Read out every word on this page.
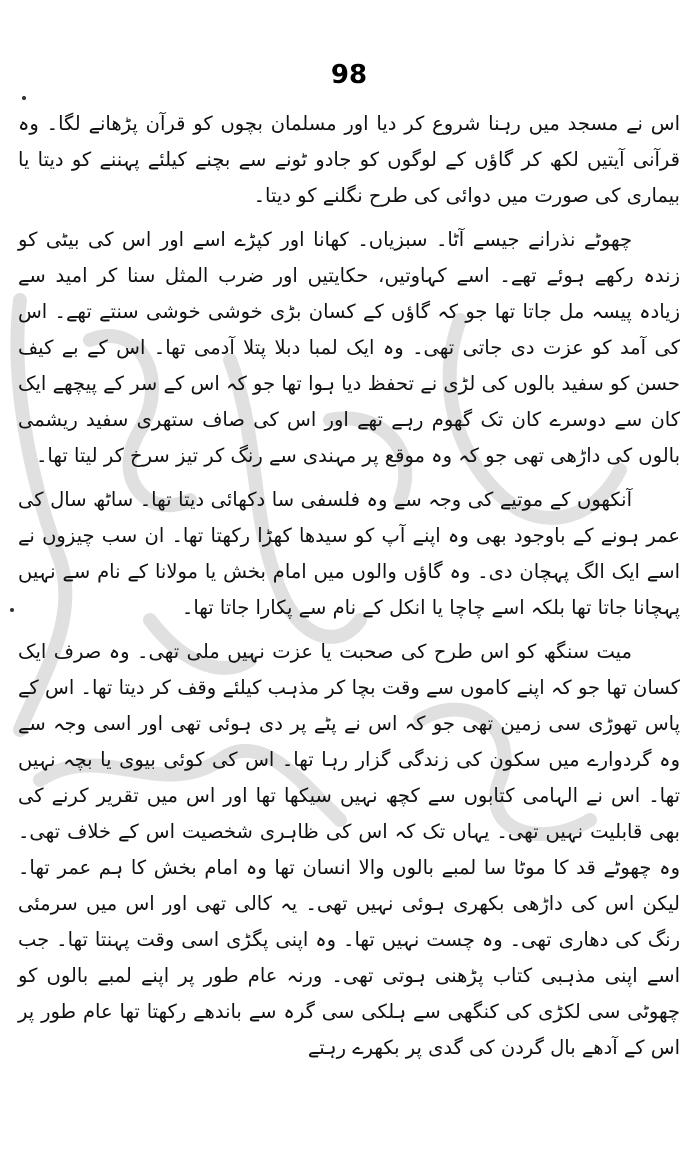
98

اس نے مسجد میں رہنا شروع کر دیا اور مسلمان بچوں کو قرآن پڑھانے لگا۔ وہ قرآنی آیتیں لکھ کر گاؤں کے لوگوں کو جادو ٹونے سے بچنے کیلئے پہننے کو دیتا یا بیماری کی صورت میں دوائی کی طرح نگلنے کو دیتا۔

چھوٹے نذرانے جیسے آٹا۔ سبزیاں۔ کھانا اور کپڑے اسے اور اس کی بیٹی کو زندہ رکھے ہوئے تھے۔ اسے کہاوتیں، حکایتیں اور ضرب المثل سنا کر امید سے زیادہ پیسہ مل جاتا تھا جو کہ گاؤں کے کسان بڑی خوشی خوشی سنتے تھے۔ اس کی آمد کو عزت دی جاتی تھی۔ وہ ایک لمبا دبلا پتلا آدمی تھا۔ اس کے بے کیف حسن کو سفید بالوں کی لڑی نے تحفظ دیا ہوا تھا جو کہ اس کے سر کے پیچھے ایک کان سے دوسرے کان تک گھوم رہے تھے اور اس کی صاف ستھری سفید ریشمی بالوں کی داڑھی تھی جو کہ وہ موقع پر مہندی سے رنگ کر تیز سرخ کر لیتا تھا۔

آنکھوں کے موتیے کی وجہ سے وہ فلسفی سا دکھائی دیتا تھا۔ ساٹھ سال کی عمر ہونے کے باوجود بھی وہ اپنے آپ کو سیدھا کھڑا رکھتا تھا۔ ان سب چیزوں نے اسے ایک الگ پہچان دی۔ وہ گاؤں والوں میں امام بخش یا مولانا کے نام سے نہیں پہچانا جاتا تھا بلکہ اسے چاچا یا انکل کے نام سے پکارا جاتا تھا۔

میت سنگھ کو اس طرح کی صحبت یا عزت نہیں ملی تھی۔ وہ صرف ایک کسان تھا جو کہ اپنے کاموں سے وقت بچا کر مذہب کیلئے وقف کر دیتا تھا۔ اس کے پاس تھوڑی سی زمین تھی جو کہ اس نے پٹے پر دی ہوئی تھی اور اسی وجہ سے وہ گردوارے میں سکون کی زندگی گزار رہا تھا۔ اس کی کوئی بیوی یا بچہ نہیں تھا۔ اس نے الہامی کتابوں سے کچھ نہیں سیکھا تھا اور اس میں تقریر کرنے کی بھی قابلیت نہیں تھی۔ یہاں تک کہ اس کی ظاہری شخصیت اس کے خلاف تھی۔ وہ چھوٹے قد کا موٹا سا لمبے بالوں والا انسان تھا وہ امام بخش کا ہم عمر تھا۔ لیکن اس کی داڑھی بکھری ہوئی نہیں تھی۔ یہ کالی تھی اور اس میں سرمئی رنگ کی دھاری تھی۔ وہ چست نہیں تھا۔ وہ اپنی پگڑی اسی وقت پہنتا تھا۔ جب اسے اپنی مذہبی کتاب پڑھنی ہوتی تھی۔ ورنہ عام طور پر اپنے لمبے بالوں کو چھوٹی سی لکڑی کی کنگھی سے ہلکی سی گرہ سے باندھے رکھتا تھا عام طور پر اس کے آدھے بال گردن کی گدی پر بکھرے رہتے
